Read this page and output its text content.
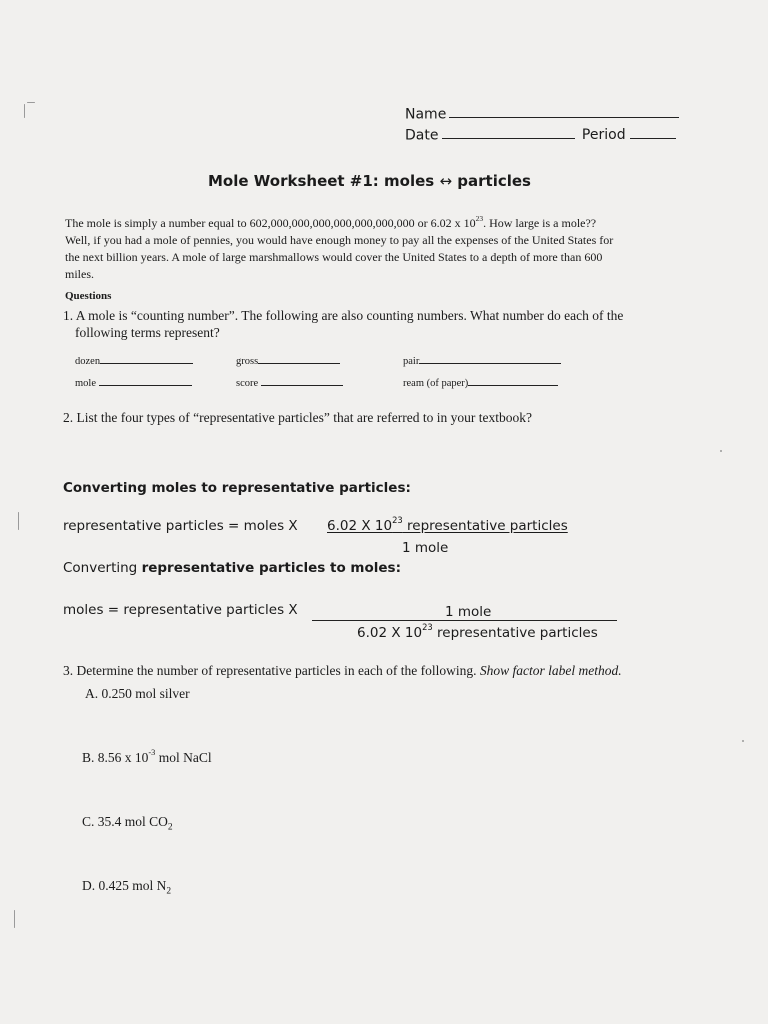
Name
Date	Period
Mole Worksheet #1: moles ↔ particles
The mole is simply a number equal to 602,000,000,000,000,000,000,000 or 6.02 x $10^{23}$. How large is a mole??
Well, if you had a mole of pennies, you would have enough money to pay all the expenses of the United States for
the next billion years. A mole of large marshmallows would cover the United States to a depth of more than 600
miles.
Questions
1. A mole is “counting number”. The following are also counting numbers. What number do each of the
following terms represent?
dozen	gross	pair
mole	score	ream (of paper)
2. List the four types of “representative particles” that are referred to in your textbook?
Converting moles to representative particles:
representative particles = moles X 6.02 X $10^{23}$ representative particles
1 mole
Converting representative particles to moles:
moles = representative particles X	1 mole
6.02 X $10^{23}$ representative particles
3. Determine the number of representative particles in each of the following. Show factor label method.
A. 0.250 mol silver
B. 8.56 x $10^{-3}$ mol NaCl
C. 35.4 mol $CO_2$
D. 0.425 mol $N_2$
